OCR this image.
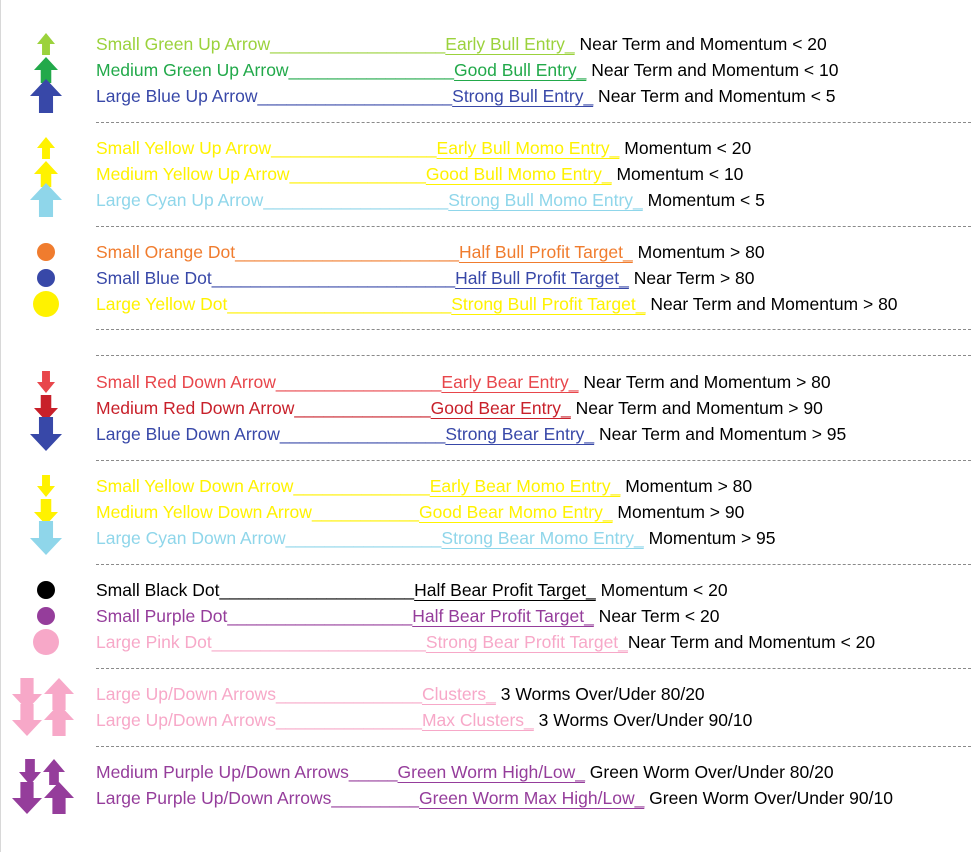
Small Green Up Arrow__________________Early Bull Entry_ Near Term and Momentum < 20
Medium Green Up Arrow_________________Good Bull Entry_ Near Term and Momentum < 10
Large Blue Up Arrow____________________Strong Bull Entry_ Near Term and Momentum < 5
Small Yellow Up Arrow_________________Early Bull Momo Entry_ Momentum < 20
Medium Yellow Up Arrow______________Good Bull Momo Entry_ Momentum < 10
Large Cyan Up Arrow___________________Strong Bull Momo Entry_ Momentum < 5
Small Orange Dot_______________________Half Bull Profit Target_ Momentum > 80
Small Blue Dot_________________________Half Bull Profit Target_ Near Term > 80
Large Yellow Dot_______________________Strong Bull Profit Target_ Near Term and Momentum > 80
Small Red Down Arrow_________________Early Bear Entry_ Near Term and Momentum > 80
Medium Red Down Arrow______________Good Bear Entry_ Near Term and Momentum > 90
Large Blue Down Arrow_________________Strong Bear Entry_ Near Term and Momentum > 95
Small Yellow Down Arrow______________Early Bear Momo Entry_ Momentum > 80
Medium Yellow Down Arrow___________Good Bear Momo Entry_ Momentum > 90
Large Cyan Down Arrow________________Strong Bear Momo Entry_ Momentum > 95
Small Black Dot____________________Half Bear Profit Target_ Momentum < 20
Small Purple Dot___________________Half Bear Profit Target_ Near Term < 20
Large Pink Dot______________________Strong Bear Profit Target_Near Term and Momentum < 20
Large Up/Down Arrows_______________Clusters_ 3 Worms Over/Uder 80/20
Large Up/Down Arrows_______________Max Clusters_ 3 Worms Over/Under 90/10
Medium Purple Up/Down Arrows_____Green Worm High/Low_ Green Worm Over/Under 80/20
Large Purple Up/Down Arrows_________Green Worm Max High/Low_ Green Worm Over/Under 90/10
